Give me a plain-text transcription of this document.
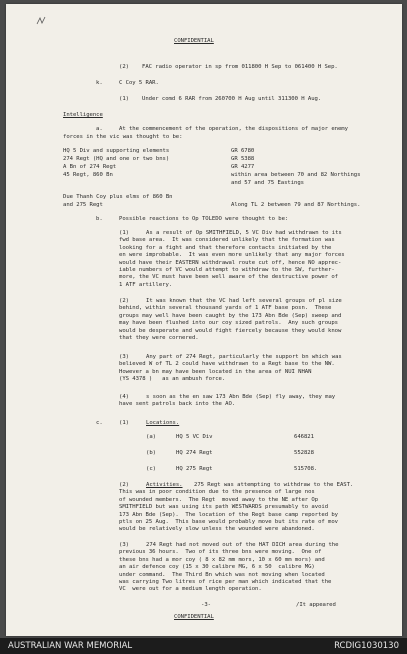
CONFIDENTIAL
(2) FAC radio operator in sp from 011800 H Sep to 061400 H Sep.
k.	C Coy 5 RAR.
(1) Under comd 6 RAR from 260700 H Aug until 311300 H Aug.
Intelligence
a.	At the commencement of the operation, the dispositions of major enemy
forces in the vic was thought to be:
HQ 5 Div and supporting elements	GR 6780
274 Regt (HQ and one or two bns)	GR 5388
A Bn of 274 Regt	GR 4277
45 Regt, 860 Bn	within area between 70 and 82 Northings
and 57 and 75 Eastings
Due Thanh Coy plus elms of 860 Bn
and 275 Regt	Along TL 2 between 79 and 87 Northings.
b.	Possible reactions to Op TOLEDO were thought to be:
(1)	As a result of Op SMITHFIELD, 5 VC Div had withdrawn to its
fwd base area.  It was considered unlikely that the formation was
looking for a fight and that therefore contacts initiated by the
en were improbable.  It was even more unlikely that any major forces
would have their EASTERN withdrawal route cut off, hence NO apprec-
iable numbers of VC would attempt to withdraw to the SW, further-
more, the VC must have been well aware of the destructive power of
1 ATF artillery.
(2)	It was known that the VC had left several groups of pl size
behind, within several thousand yards of 1 ATF base posn.  These
groups may well have been caught by the 173 Abn Bde (Sep) sweep and
may have been flushed into our coy sized patrols.  Any such groups
would be desperate and would fight fiercely because they would know
that they were cornered.
(3)	Any part of 274 Regt, particularly the support bn which was
believed W of TL 2 could have withdrawn to a Regt base to the NW.
However a bn may have been located in the area of NUI NHAN
(YS 4378 )   as an ambush force.
(4)	s soon as the en saw 173 Abn Bde (Sep) fly away, they may
have sent patrols back into the AO.
c.	(1)	Locations.
(a)	HQ 5 VC Div	646821
(b)	HQ 274 Regt	552828
(c)	HQ 275 Regt	515708.
(2)	Activities. 275 Regt was attempting to withdraw to the EAST.
This was in poor condition due to the presence of large nos
of wounded members.  The Regt  moved away to the NE after Op
SMITHFIELD but was using its path WESTWARDS presumably to avoid
173 Abn Bde (Sep).  The location of the Regt base camp reported by
ptls on 25 Aug.  This base would probably move but its rate of mov
would be relatively slow unless the wounded were abandoned.
(3)	274 Regt had not moved out of the HAT DICH area during the
previous 36 hours.  Two of its three bns were moving.  One of
these bns had a mor coy ( 8 x 82 mm mors, 10 x 60 mm mors) and
an air defence coy (15 x 30 calibre MG, 6 x 50  calibre MG)
under command.  The Third Bn which was not moving when located
was carrying Two litres of rice per man which indicated that the
VC  were out for a medium length operation.
-3-	/It appeared
CONFIDENTIAL
AUSTRALIAN WAR MEMORIAL	RCDIG1030130
